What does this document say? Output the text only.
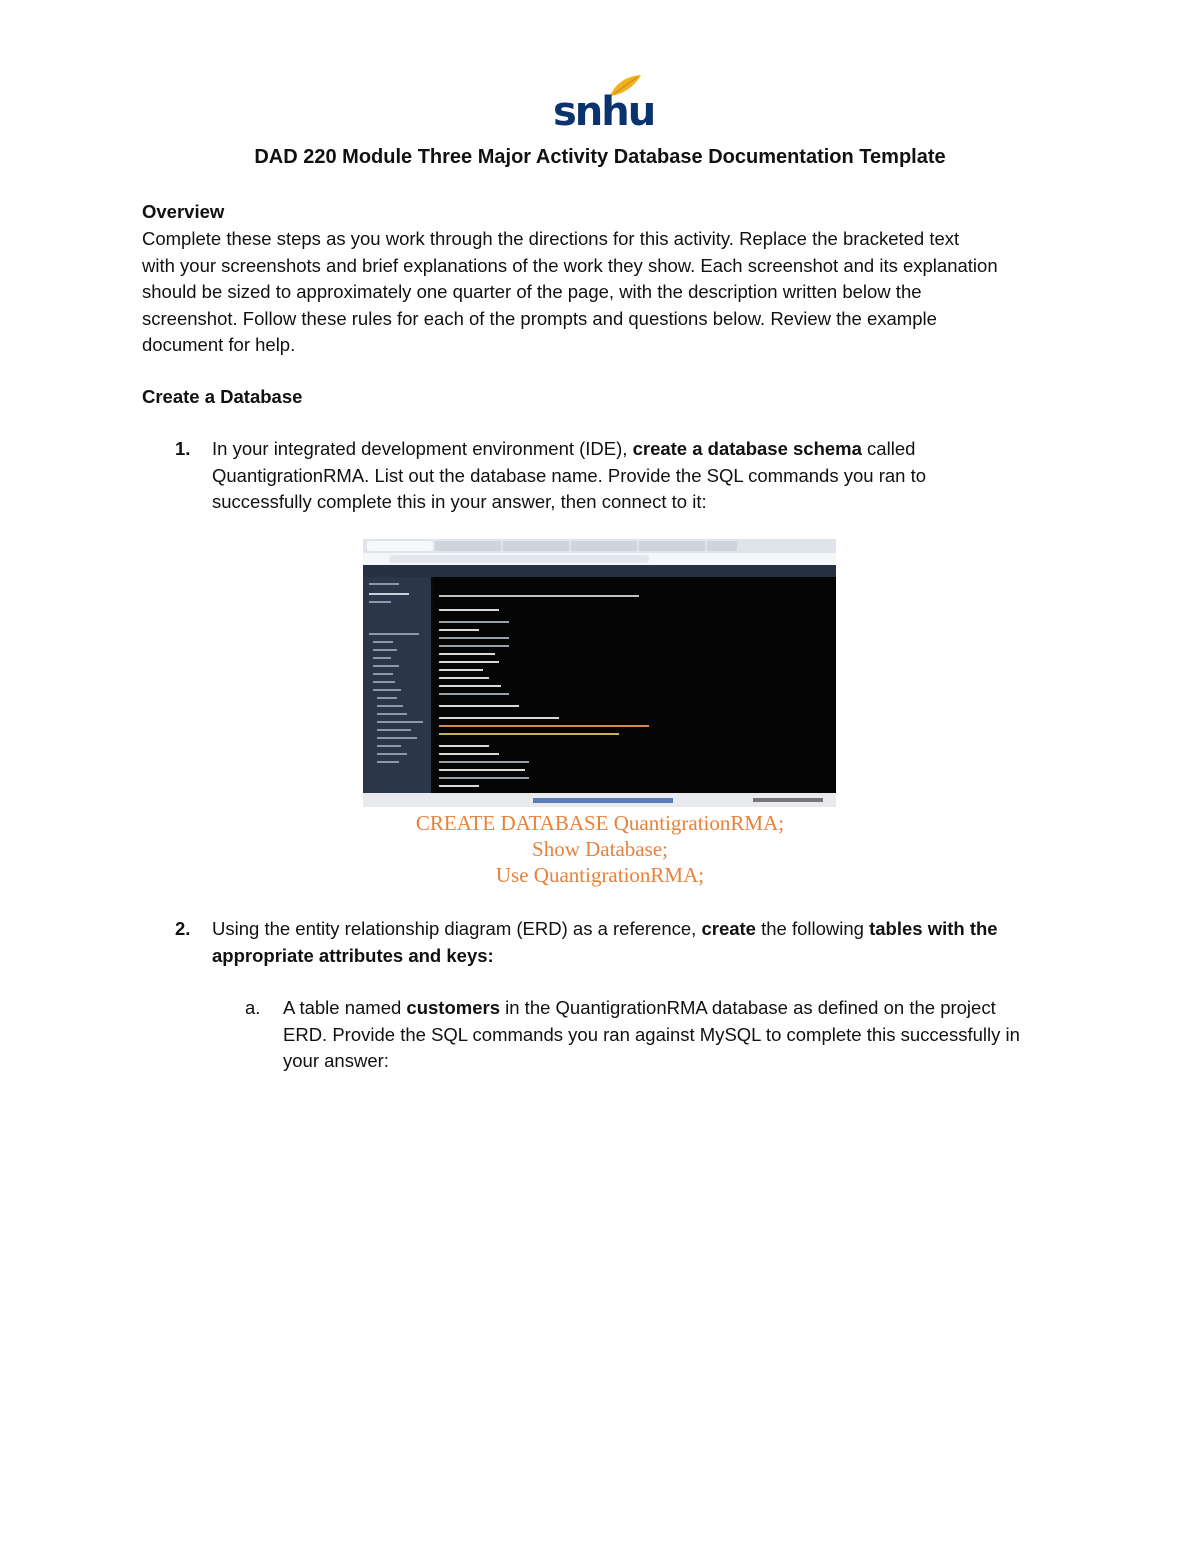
snhu
DAD 220 Module Three Major Activity Database Documentation Template
Overview
Complete these steps as you work through the directions for this activity. Replace the bracketed text
with your screenshots and brief explanations of the work they show. Each screenshot and its explanation
should be sized to approximately one quarter of the page, with the description written below the
screenshot. Follow these rules for each of the prompts and questions below. Review the example
document for help.
Create a Database
1. In your integrated development environment (IDE), create a database schema called
QuantigrationRMA. List out the database name. Provide the SQL commands you ran to
successfully complete this in your answer, then connect to it:
CREATE DATABASE QuantigrationRMA;
Show Database;
Use QuantigrationRMA;
2. Using the entity relationship diagram (ERD) as a reference, create the following tables with the
appropriate attributes and keys:
a. A table named customers in the QuantigrationRMA database as defined on the project
ERD. Provide the SQL commands you ran against MySQL to complete this successfully in
your answer:
